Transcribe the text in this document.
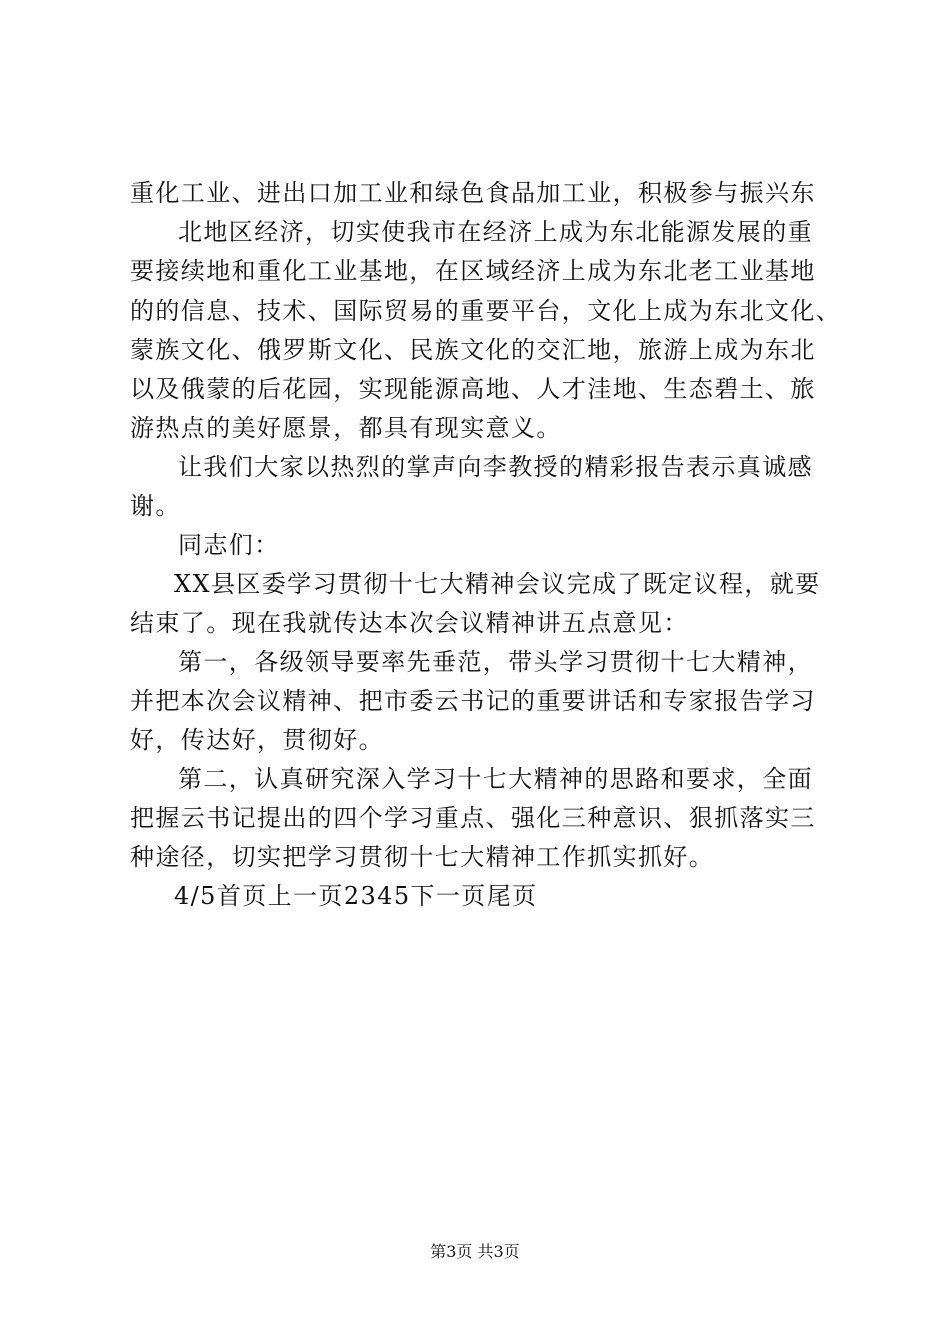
重化工业、进出口加工业和绿色食品加工业，积极参与振兴东
北地区经济，切实使我市在经济上成为东北能源发展的重
要接续地和重化工业基地，在区域经济上成为东北老工业基地
的的信息、技术、国际贸易的重要平台，文化上成为东北文化、
蒙族文化、俄罗斯文化、民族文化的交汇地，旅游上成为东北
以及俄蒙的后花园，实现能源高地、人才洼地、生态碧土、旅
游热点的美好愿景，都具有现实意义。
让我们大家以热烈的掌声向李教授的精彩报告表示真诚感
谢。
同志们：
XX县区委学习贯彻十七大精神会议完成了既定议程，就要
结束了。现在我就传达本次会议精神讲五点意见：
第一，各级领导要率先垂范，带头学习贯彻十七大精神，
并把本次会议精神、把市委云书记的重要讲话和专家报告学习
好，传达好，贯彻好。
第二，认真研究深入学习十七大精神的思路和要求，全面
把握云书记提出的四个学习重点、强化三种意识、狠抓落实三
种途径，切实把学习贯彻十七大精神工作抓实抓好。
4/5首页上一页2345下一页尾页
第3页 共3页
